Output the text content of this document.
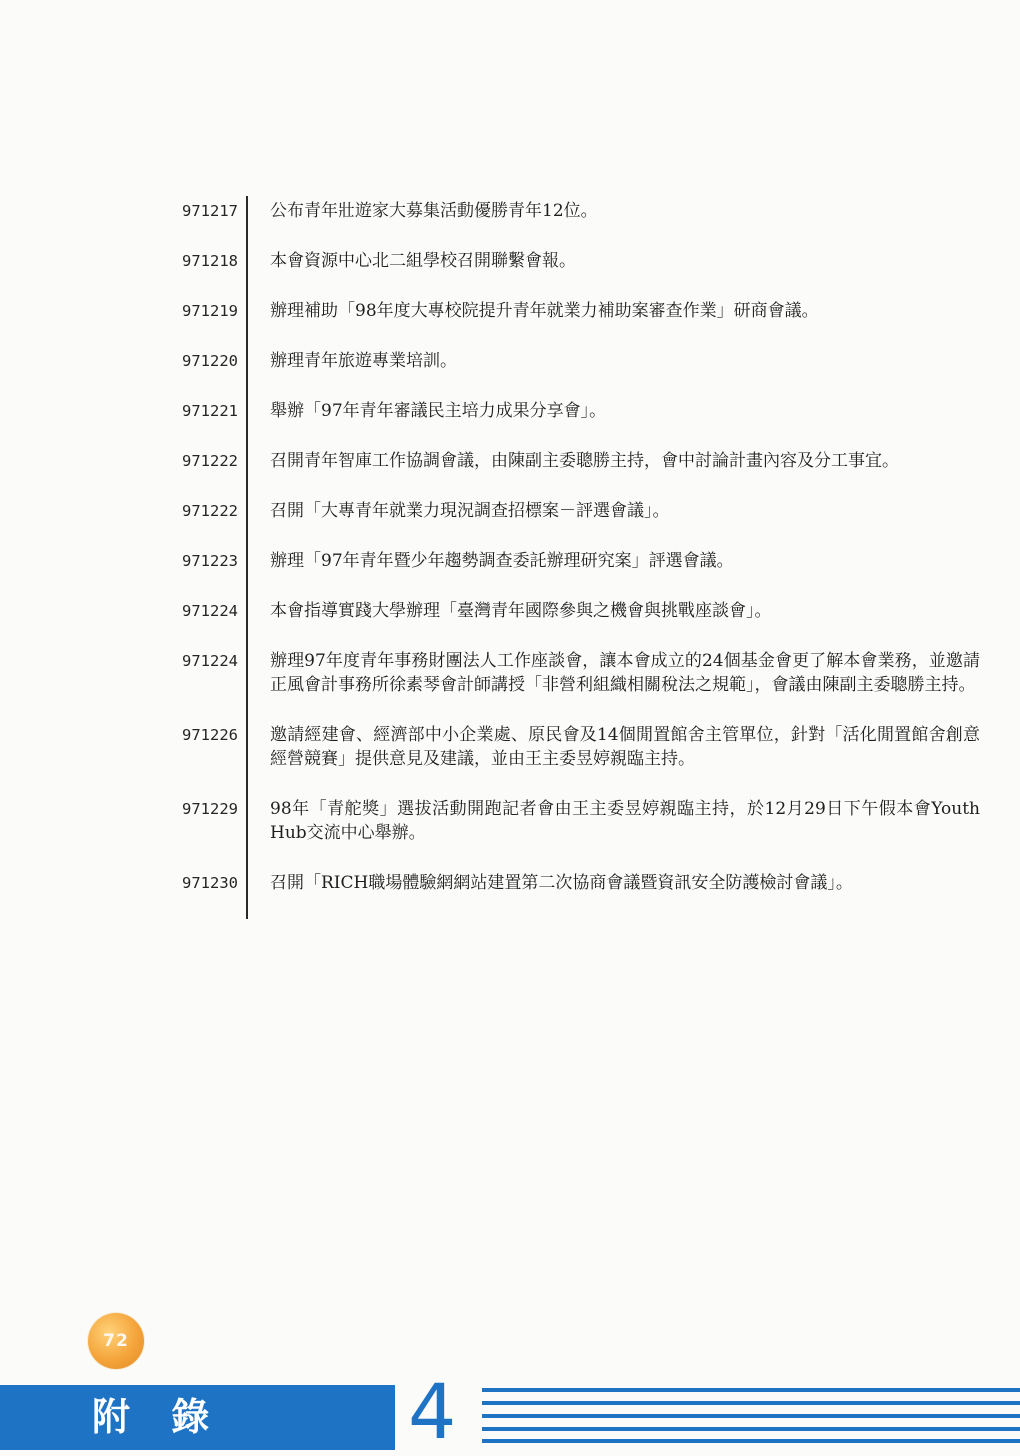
971217 公布青年壯遊家大募集活動優勝青年12位。
971218 本會資源中心北二組學校召開聯繫會報。
971219 辦理補助「98年度大專校院提升青年就業力補助案審查作業」研商會議。
971220 辦理青年旅遊專業培訓。
971221 舉辦「97年青年審議民主培力成果分享會」。
971222 召開青年智庫工作協調會議，由陳副主委聰勝主持，會中討論計畫內容及分工事宜。
971222 召開「大專青年就業力現況調查招標案－評選會議」。
971223 辦理「97年青年暨少年趨勢調查委託辦理研究案」評選會議。
971224 本會指導實踐大學辦理「臺灣青年國際參與之機會與挑戰座談會」。
971224 辦理97年度青年事務財團法人工作座談會，讓本會成立的24個基金會更了解本會業務，並邀請正風會計事務所徐素琴會計師講授「非營利組織相關稅法之規範」，會議由陳副主委聰勝主持。
971226 邀請經建會、經濟部中小企業處、原民會及14個閒置館舍主管單位，針對「活化閒置館舍創意經營競賽」提供意見及建議，並由王主委昱婷親臨主持。
971229 98年「青舵獎」選拔活動開跑記者會由王主委昱婷親臨主持，於12月29日下午假本會Youth Hub交流中心舉辦。
971230 召開「RICH職場體驗網網站建置第二次協商會議暨資訊安全防護檢討會議」。
72
附 錄 4
